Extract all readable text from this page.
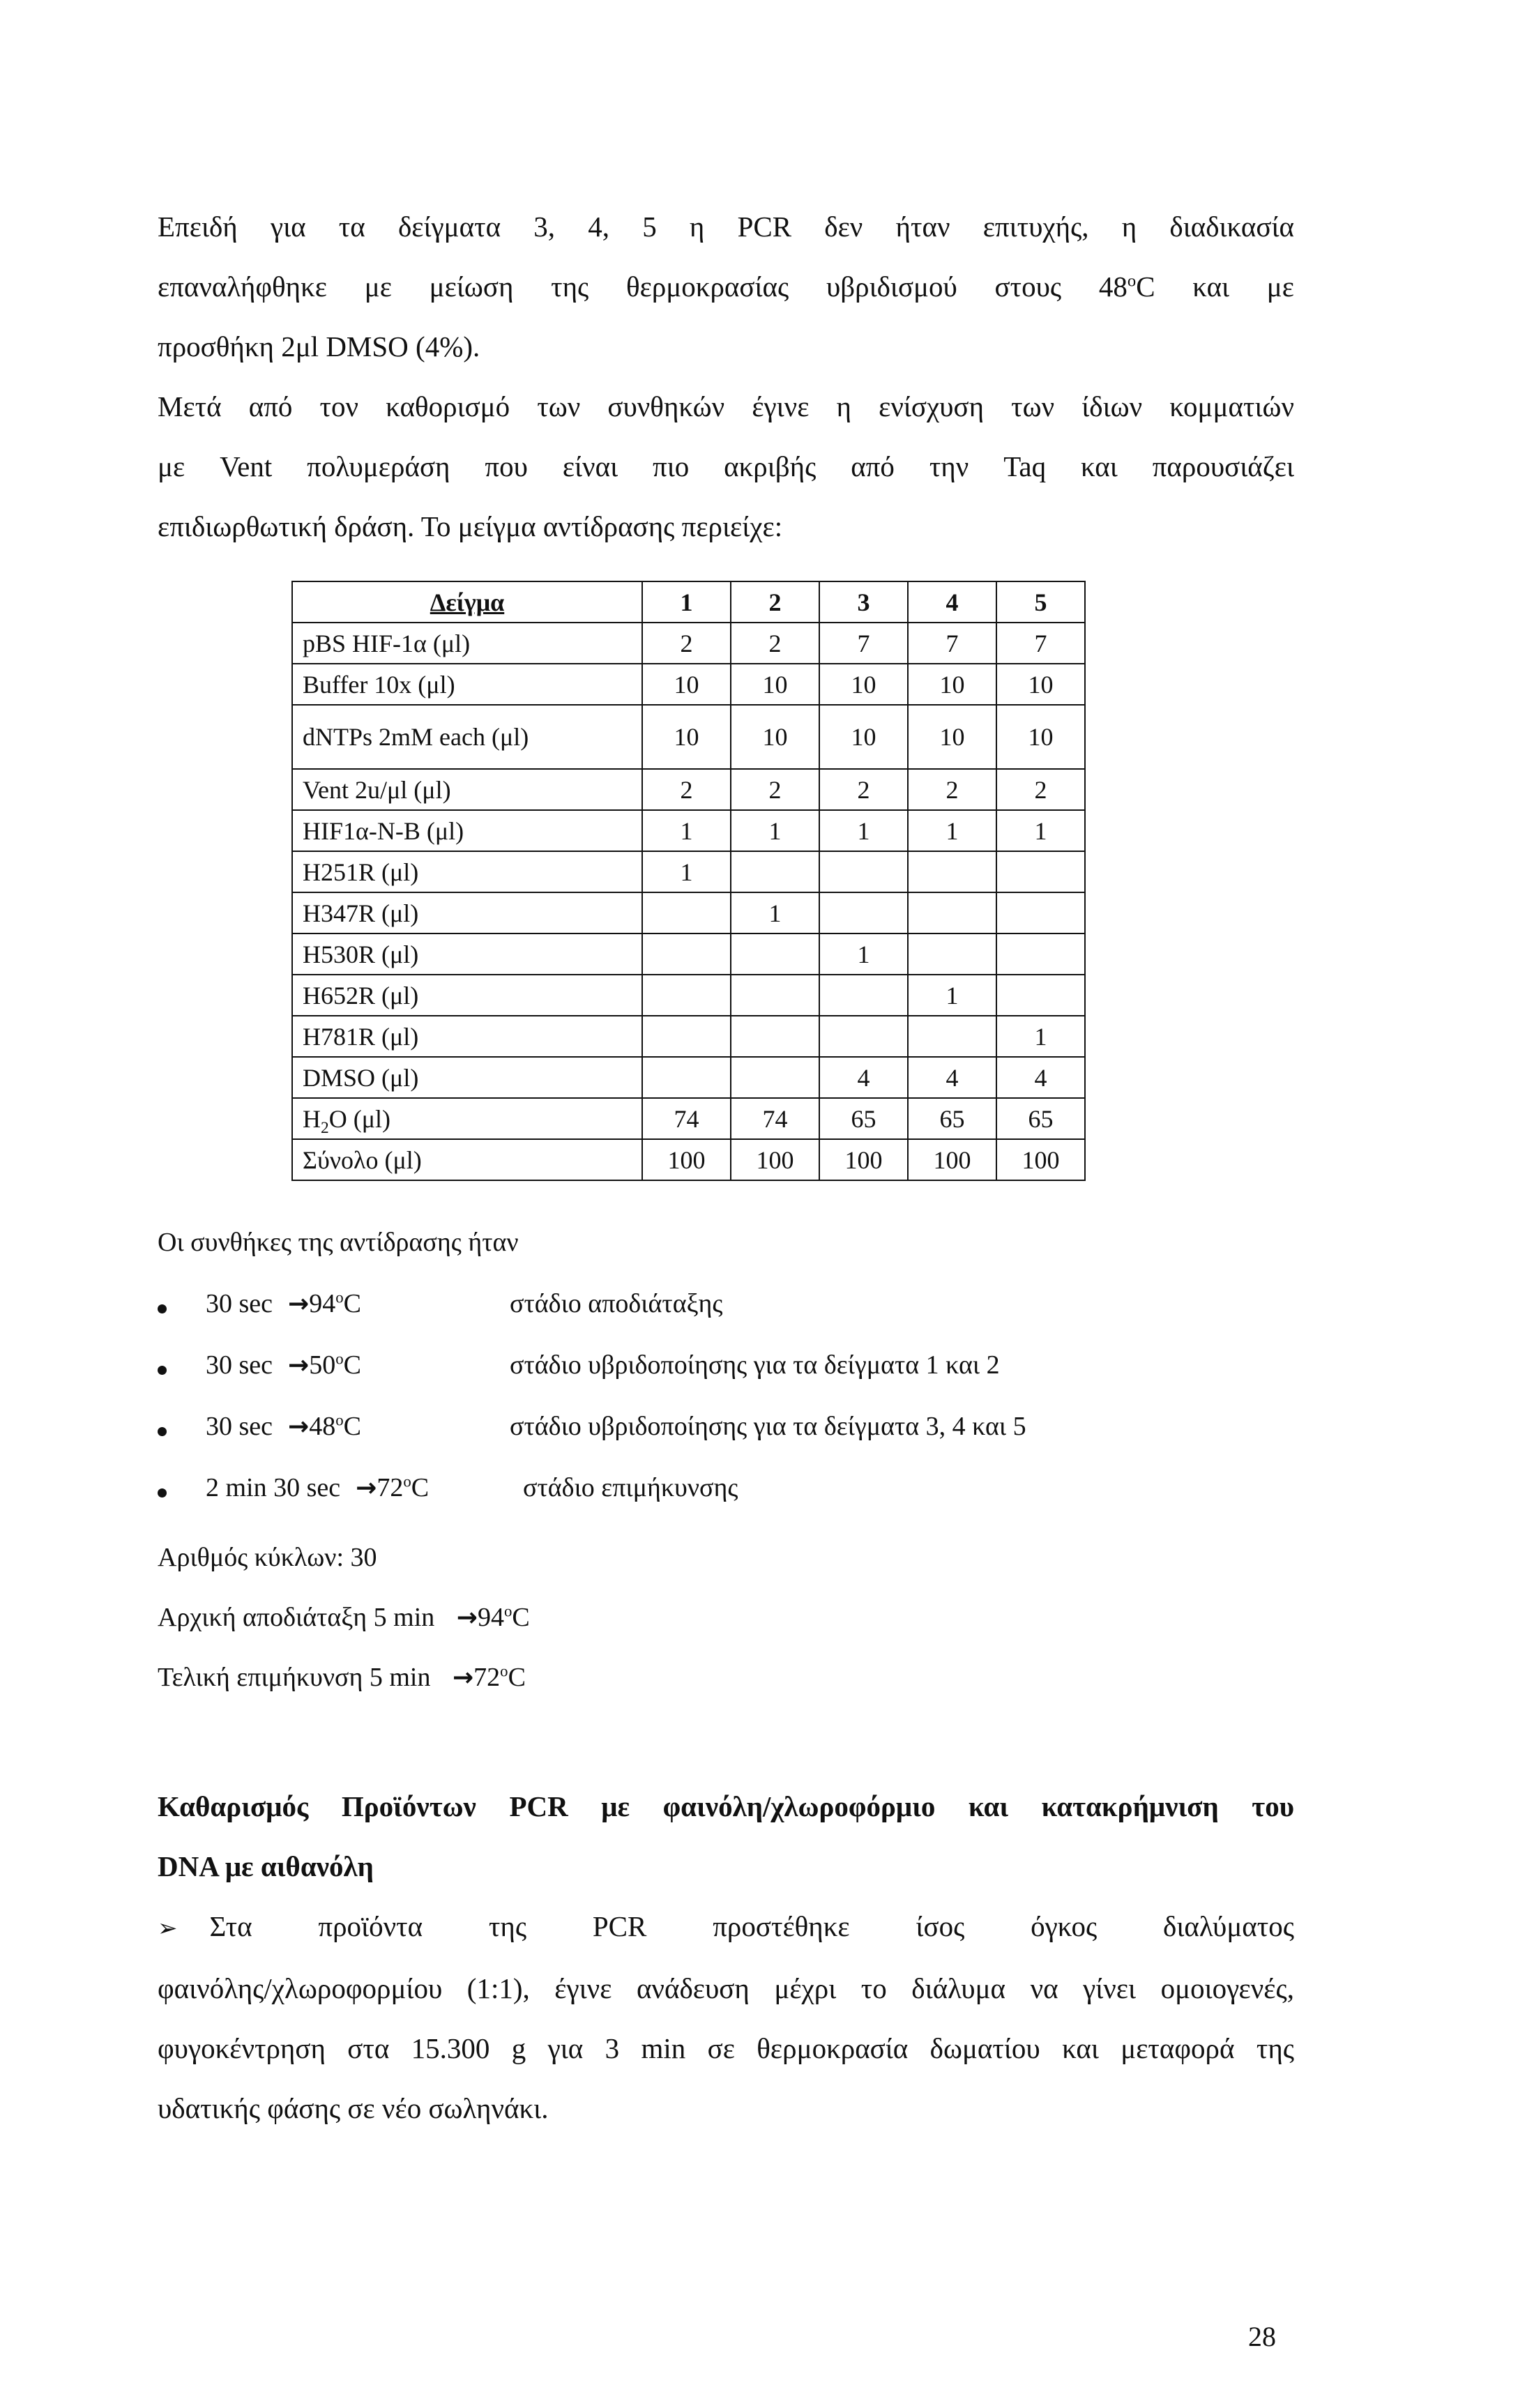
Επειδή για τα δείγματα 3, 4, 5 η PCR δεν ήταν επιτυχής, η διαδικασία
επαναλήφθηκε με μείωση της θερμοκρασίας υβριδισμού στους 48$^o$C και με
προσθήκη 2μl DMSO (4%).
Μετά από τον καθορισμό των συνθηκών έγινε η ενίσχυση των ίδιων κομματιών
με Vent πολυμεράση που είναι πιο ακριβής από την Taq και παρουσιάζει
επιδιωρθωτική δράση. Το μείγμα αντίδρασης περιείχε:
Δείγμα	1	2	3	4	5
pBS HIF-1α (μl)	2	2	7	7	7
Buffer 10x (μl)	10	10	10	10	10
dNTPs 2mM each (μl)	10	10	10	10	10
Vent 2u/μl (μl)	2	2	2	2	2
HIF1α-N-B (μl)	1	1	1	1	1
H251R (μl)	1				
H347R (μl)		1			
H530R (μl)			1		
H652R (μl)				1	
H781R (μl)					1
DMSO (μl)			4	4	4
$H_2O$ (μl)	74	74	65	65	65
Σύνολο (μl)	100	100	100	100	100
Οι συνθήκες της αντίδρασης ήταν
30 $\sec \to 94^oC$	στάδιο αποδιάταξης
30 $\sec \to 50^oC$	στάδιο υβριδοποίησης για τα δείγματα 1 και 2
30 $\sec \to 48^oC$	στάδιο υβριδοποίησης για τα δείγματα 3, 4 και 5
2 min 30 $\sec \to 72^oC$	στάδιο επιμήκυνσης
Αριθμός κύκλων: 30
Αρχική αποδιάταξη 5 $\min \to 94^oC$
Τελική επιμήκυνση 5 $\min \to 72^oC$
Καθαρισμός Προϊόντων PCR με φαινόλη/χλωροφόρμιο και κατακρήμνιση του
DNA με αιθανόλη
➢ Στα προϊόντα της PCR προστέθηκε ίσος όγκος διαλύματος
φαινόλης/χλωροφορμίου (1:1), έγινε ανάδευση μέχρι το διάλυμα να γίνει ομοιογενές,
φυγοκέντρηση στα 15.300 g για 3 min σε θερμοκρασία δωματίου και μεταφορά της
υδατικής φάσης σε νέο σωληνάκι.
28
